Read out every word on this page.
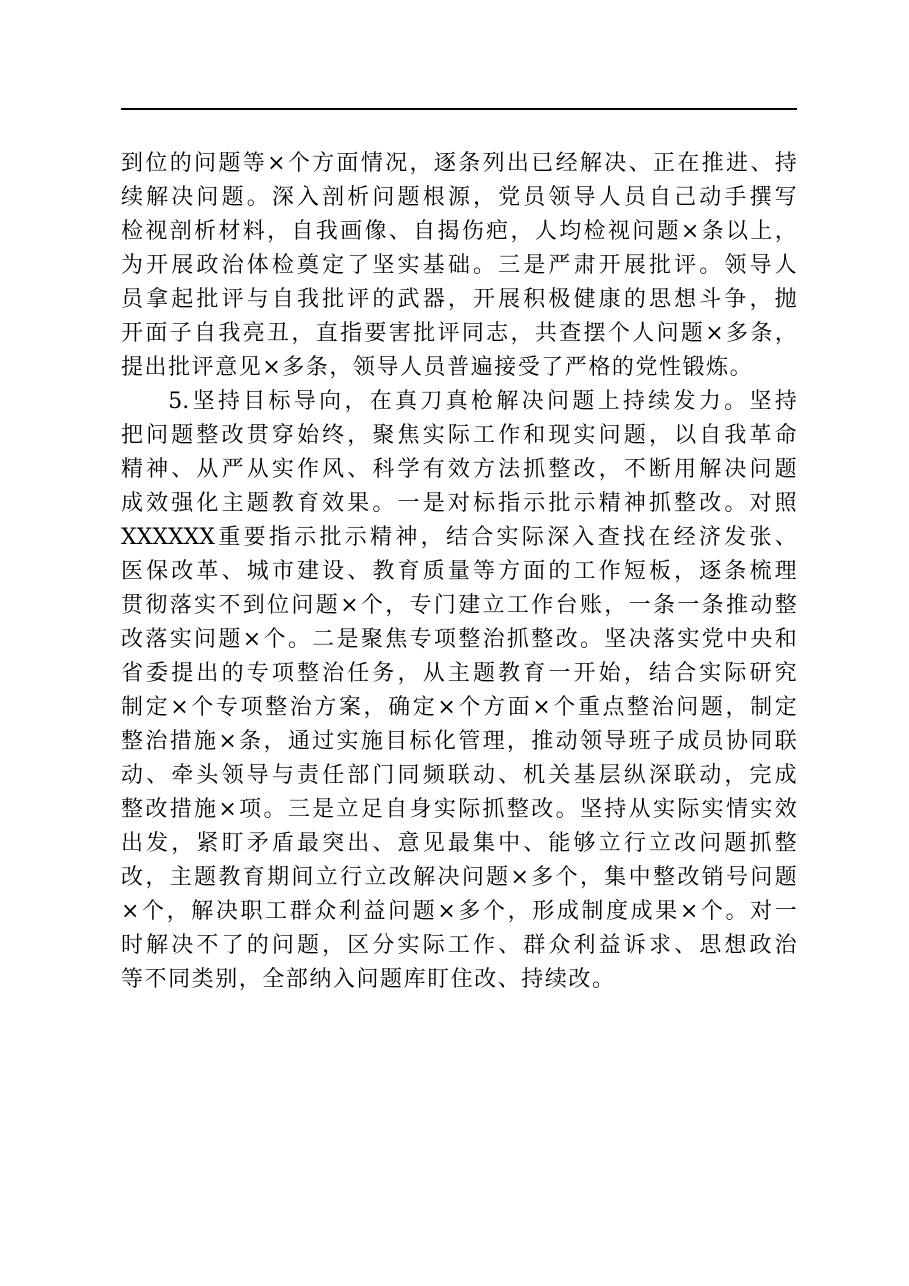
到 位 的 问 题 等 × 个 方 面 情 况 ， 逐 条 列 出 已 经 解 决 、 正 在 推 进 、 持
续 解 决 问 题 。 深 入 剖 析 问 题 根 源 ， 党 员 领 导 人 员 自 己 动 手 撰 写
检 视 剖 析 材 料 ， 自 我 画 像 、 自 揭 伤 疤 ， 人 均 检 视 问 题 × 条 以 上 ，
为 开 展 政 治 体 检 奠 定 了 坚 实 基 础 。 三 是 严 肃 开 展 批 评 。 领 导 人
员 拿 起 批 评 与 自 我 批 评 的 武 器 ， 开 展 积 极 健 康 的 思 想 斗 争 ， 抛
开 面 子 自 我 亮 丑 ， 直 指 要 害 批 评 同 志 ， 共 查 摆 个 人 问 题 × 多 条 ，
提 出 批 评 意 见 × 多 条 ， 领 导 人 员 普 遍 接 受 了 严 格 的 党 性 锻 炼 。
5. 坚 持 目 标 导 向 ， 在 真 刀 真 枪 解 决 问 题 上 持 续 发 力 。 坚 持
把 问 题 整 改 贯 穿 始 终 ， 聚 焦 实 际 工 作 和 现 实 问 题 ， 以 自 我 革 命
精 神 、 从 严 从 实 作 风 、 科 学 有 效 方 法 抓 整 改 ， 不 断 用 解 决 问 题
成 效 强 化 主 题 教 育 效 果 。 一 是 对 标 指 示 批 示 精 神 抓 整 改 。 对 照
XXXXXX 重 要 指 示 批 示 精 神 ， 结 合 实 际 深 入 查 找 在 经 济 发 张 、
医 保 改 革 、 城 市 建 设 、 教 育 质 量 等 方 面 的 工 作 短 板 ， 逐 条 梳 理
贯 彻 落 实 不 到 位 问 题 × 个 ， 专 门 建 立 工 作 台 账 ， 一 条 一 条 推 动 整
改 落 实 问 题 × 个 。 二 是 聚 焦 专 项 整 治 抓 整 改 。 坚 决 落 实 党 中 央 和
省 委 提 出 的 专 项 整 治 任 务 ， 从 主 题 教 育 一 开 始 ， 结 合 实 际 研 究
制 定 × 个 专 项 整 治 方 案 ， 确 定 × 个 方 面 × 个 重 点 整 治 问 题 ， 制 定
整 治 措 施 × 条 ， 通 过 实 施 目 标 化 管 理 ， 推 动 领 导 班 子 成 员 协 同 联
动 、 牵 头 领 导 与 责 任 部 门 同 频 联 动 、 机 关 基 层 纵 深 联 动 ， 完 成
整 改 措 施 × 项 。 三 是 立 足 自 身 实 际 抓 整 改 。 坚 持 从 实 际 实 情 实 效
出 发 ， 紧 盯 矛 盾 最 突 出 、 意 见 最 集 中 、 能 够 立 行 立 改 问 题 抓 整
改 ， 主 题 教 育 期 间 立 行 立 改 解 决 问 题 × 多 个 ， 集 中 整 改 销 号 问 题
× 个 ， 解 决 职 工 群 众 利 益 问 题 × 多 个 ， 形 成 制 度 成 果 × 个 。 对 一
时 解 决 不 了 的 问 题 ， 区 分 实 际 工 作 、 群 众 利 益 诉 求 、 思 想 政 治
等 不 同 类 别 ， 全 部 纳 入 问 题 库 盯 住 改 、 持 续 改 。
